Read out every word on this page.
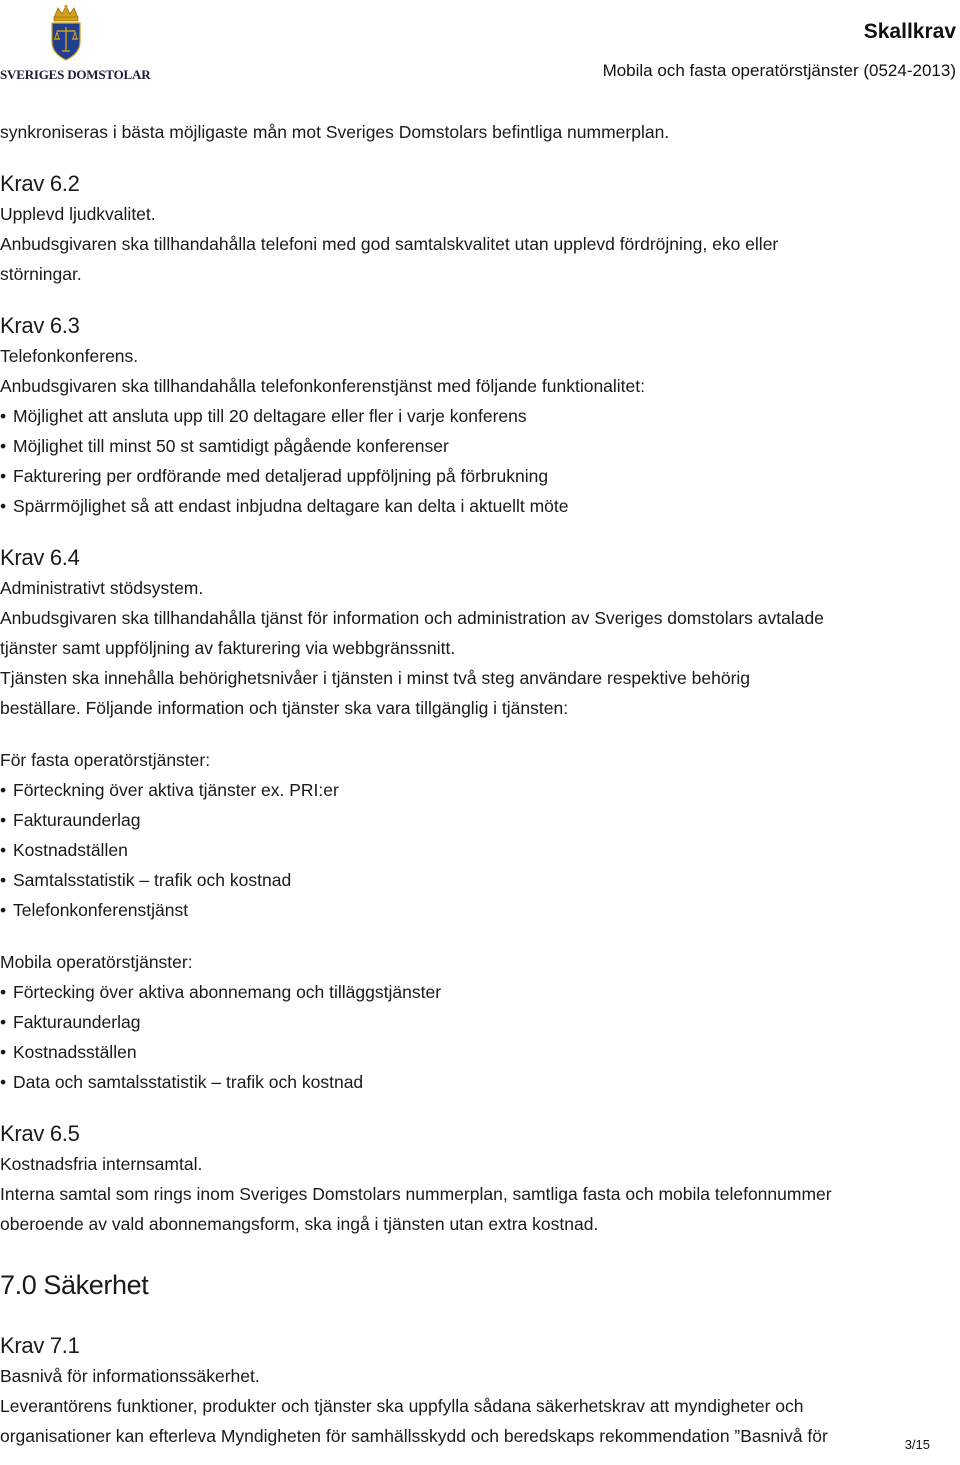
SVERIGES DOMSTOLAR
Skallkrav
Mobila och fasta operatörstjänster (0524-2013)

synkroniseras i bästa möjligaste mån mot Sveriges Domstolars befintliga nummerplan.

Krav 6.2

Upplevd ljudkvalitet.

Anbudsgivaren ska tillhandahålla telefoni med god samtalskvalitet utan upplevd fördröjning, eko eller

störningar.

Krav 6.3

Telefonkonferens.

Anbudsgivaren ska tillhandahålla telefonkonferenstjänst med följande funktionalitet:

• Möjlighet att ansluta upp till 20 deltagare eller fler i varje konferens
• Möjlighet till minst 50 st samtidigt pågående konferenser
• Fakturering per ordförande med detaljerad uppföljning på förbrukning
• Spärrmöjlighet så att endast inbjudna deltagare kan delta i aktuellt möte
Krav 6.4

Administrativt stödsystem.

Anbudsgivaren ska tillhandahålla tjänst för information och administration av Sveriges domstolars avtalade

tjänster samt uppföljning av fakturering via webbgränssnitt.

Tjänsten ska innehålla behörighetsnivåer i tjänsten i minst två steg användare respektive behörig

beställare. Följande information och tjänster ska vara tillgänglig i tjänsten:

För fasta operatörstjänster:

• Förteckning över aktiva tjänster ex. PRI:er
• Fakturaunderlag
• Kostnadställen
• Samtalsstatistik – trafik och kostnad
• Telefonkonferenstjänst

Mobila operatörstjänster:

• Förtecking över aktiva abonnemang och tilläggstjänster
• Fakturaunderlag
• Kostnadsställen
• Data och samtalsstatistik – trafik och kostnad
Krav 6.5

Kostnadsfria internsamtal.

Interna samtal som rings inom Sveriges Domstolars nummerplan, samtliga fasta och mobila telefonnummer

oberoende av vald abonnemangsform, ska ingå i tjänsten utan extra kostnad.

7.0 Säkerhet
Krav 7.1

Basnivå för informationssäkerhet.

Leverantörens funktioner, produkter och tjänster ska uppfylla sådana säkerhetskrav att myndigheter och

organisationer kan efterleva Myndigheten för samhällsskydd och beredskaps rekommendation ”Basnivå för	3/15
